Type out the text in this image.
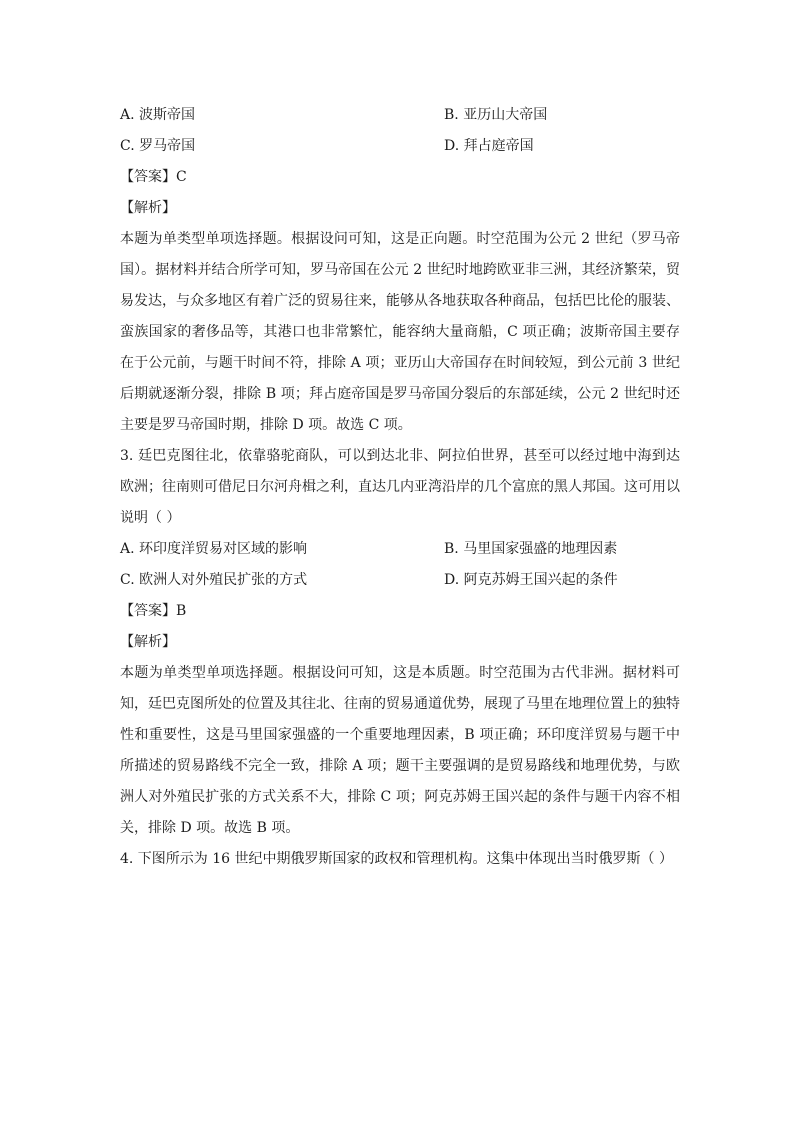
A. 波斯帝国	B. 亚历山大帝国
C. 罗马帝国	D. 拜占庭帝国
【答案】C
【解析】
本题为单类型单项选择题。根据设问可知，这是正向题。时空范围为公元 2 世纪（罗马帝国）。据材料并结合所学可知，罗马帝国在公元 2 世纪时地跨欧亚非三洲，其经济繁荣，贸易发达，与众多地区有着广泛的贸易往来，能够从各地获取各种商品，包括巴比伦的服装、蛮族国家的奢侈品等，其港口也非常繁忙，能容纳大量商船，C 项正确；波斯帝国主要存在于公元前，与题干时间不符，排除 A 项；亚历山大帝国存在时间较短，到公元前 3 世纪后期就逐渐分裂，排除 B 项；拜占庭帝国是罗马帝国分裂后的东部延续，公元 2 世纪时还主要是罗马帝国时期，排除 D 项。故选 C 项。
3. 廷巴克图往北，依靠骆驼商队，可以到达北非、阿拉伯世界，甚至可以经过地中海到达欧洲；往南则可借尼日尔河舟楫之利，直达几内亚湾沿岸的几个富庶的黑人邦国。这可用以说明（ ）
A. 环印度洋贸易对区域的影响	B. 马里国家强盛的地理因素
C. 欧洲人对外殖民扩张的方式	D. 阿克苏姆王国兴起的条件
【答案】B
【解析】
本题为单类型单项选择题。根据设问可知，这是本质题。时空范围为古代非洲。据材料可知，廷巴克图所处的位置及其往北、往南的贸易通道优势，展现了马里在地理位置上的独特性和重要性，这是马里国家强盛的一个重要地理因素，B 项正确；环印度洋贸易与题干中所描述的贸易路线不完全一致，排除 A 项；题干主要强调的是贸易路线和地理优势，与欧洲人对外殖民扩张的方式关系不大，排除 C 项；阿克苏姆王国兴起的条件与题干内容不相关，排除 D 项。故选 B 项。
4. 下图所示为 16 世纪中期俄罗斯国家的政权和管理机构。这集中体现出当时俄罗斯（ ）
